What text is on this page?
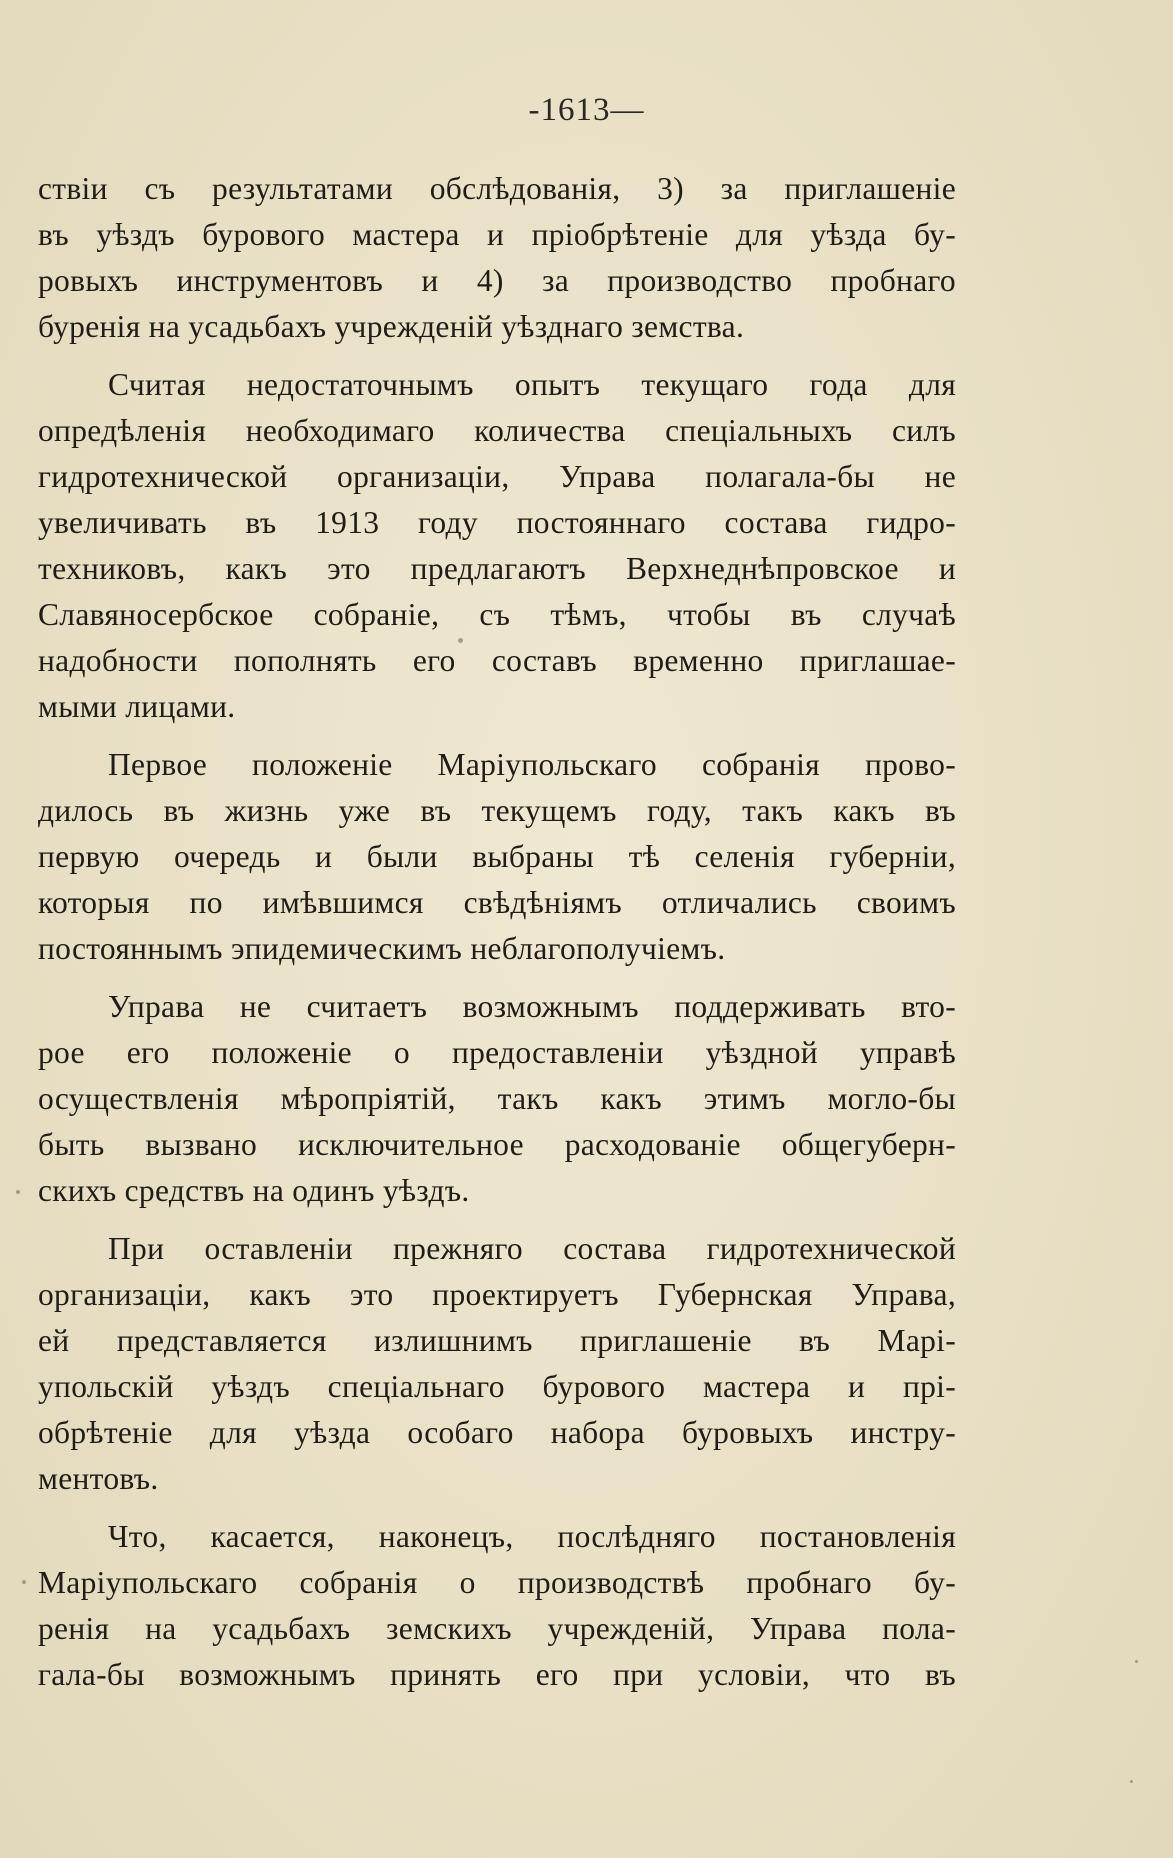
-1613—
ствіи съ результатами обслѣдованія, 3) за приглашеніе
въ уѣздъ бурового мастера и пріобрѣтеніе для уѣзда бу-
ровыхъ инструментовъ и 4) за производство пробнаго
буренія на усадьбахъ учрежденій уѣзднаго земства.
Считая недостаточнымъ опытъ текущаго года для
опредѣленія необходимаго количества спеціальныхъ силъ
гидротехнической организаціи, Управа полагала-бы не
увеличивать въ 1913 году постояннаго состава гидро-
техниковъ, какъ это предлагаютъ Верхнеднѣпровское и
Славяносербское собраніе, съ тѣмъ, чтобы въ случаѣ
надобности пополнять его составъ временно приглашае-
мыми лицами.
Первое положеніе Маріупольскаго собранія прово-
дилось въ жизнь уже въ текущемъ году, такъ какъ въ
первую очередь и были выбраны тѣ селенія губерніи,
которыя по имѣвшимся свѣдѣніямъ отличались своимъ
постояннымъ эпидемическимъ неблагополучіемъ.
Управа не считаетъ возможнымъ поддерживать вто-
рое его положеніе о предоставленіи уѣздной управѣ
осуществленія мѣропріятій, такъ какъ этимъ могло-бы
быть вызвано исключительное расходованіе общегуберн-
скихъ средствъ на одинъ уѣздъ.
При оставленіи прежняго состава гидротехнической
организаціи, какъ это проектируетъ Губернская Управа,
ей представляется излишнимъ приглашеніе въ Марі-
упольскій уѣздъ спеціальнаго бурового мастера и прі-
обрѣтеніе для уѣзда особаго набора буровыхъ инстру-
ментовъ.
Что, касается, наконецъ, послѣдняго постановленія
Маріупольскаго собранія о производствѣ пробнаго бу-
ренія на усадьбахъ земскихъ учрежденій, Управа пола-
гала-бы возможнымъ принять его при условіи, что въ
